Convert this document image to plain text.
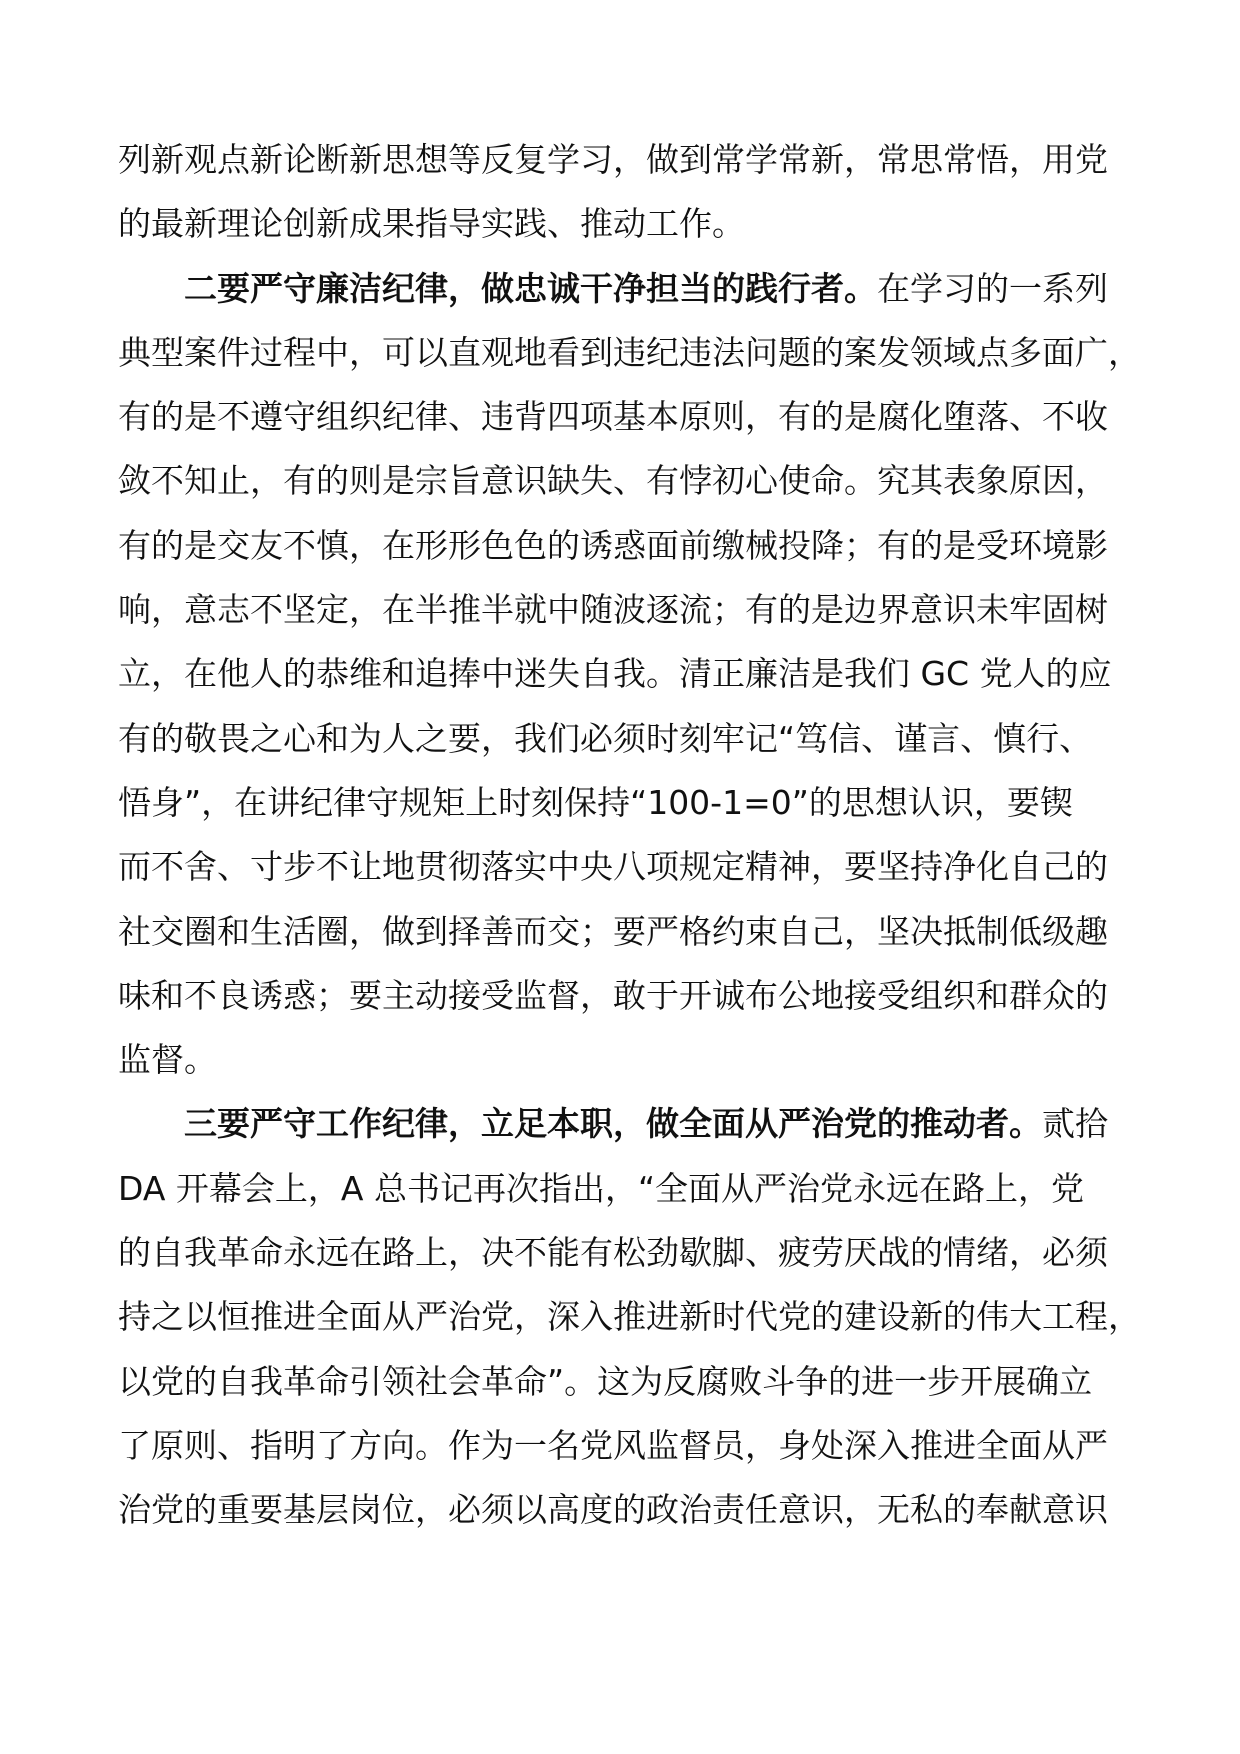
列新观点新论断新思想等反复学习，做到常学常新，常思常悟，用党
的最新理论创新成果指导实践、推动工作。
二要严守廉洁纪律，做忠诚干净担当的践行者。在学习的一系列
典型案件过程中，可以直观地看到违纪违法问题的案发领域点多面广，
有的是不遵守组织纪律、违背四项基本原则，有的是腐化堕落、不收
敛不知止，有的则是宗旨意识缺失、有悖初心使命。究其表象原因，
有的是交友不慎，在形形色色的诱惑面前缴械投降；有的是受环境影
响，意志不坚定，在半推半就中随波逐流；有的是边界意识未牢固树
立，在他人的恭维和追捧中迷失自我。清正廉洁是我们 GC 党人的应
有的敬畏之心和为人之要，我们必须时刻牢记“笃信、谨言、慎行、
悟身”，在讲纪律守规矩上时刻保持“100-1=0”的思想认识，要锲
而不舍、寸步不让地贯彻落实中央八项规定精神，要坚持净化自己的
社交圈和生活圈，做到择善而交；要严格约束自己，坚决抵制低级趣
味和不良诱惑；要主动接受监督，敢于开诚布公地接受组织和群众的
监督。
三要严守工作纪律，立足本职，做全面从严治党的推动者。贰拾
DA 开幕会上，A 总书记再次指出，“全面从严治党永远在路上，党
的自我革命永远在路上，决不能有松劲歇脚、疲劳厌战的情绪，必须
持之以恒推进全面从严治党，深入推进新时代党的建设新的伟大工程，
以党的自我革命引领社会革命”。这为反腐败斗争的进一步开展确立
了原则、指明了方向。作为一名党风监督员，身处深入推进全面从严
治党的重要基层岗位，必须以高度的政治责任意识，无私的奉献意识
